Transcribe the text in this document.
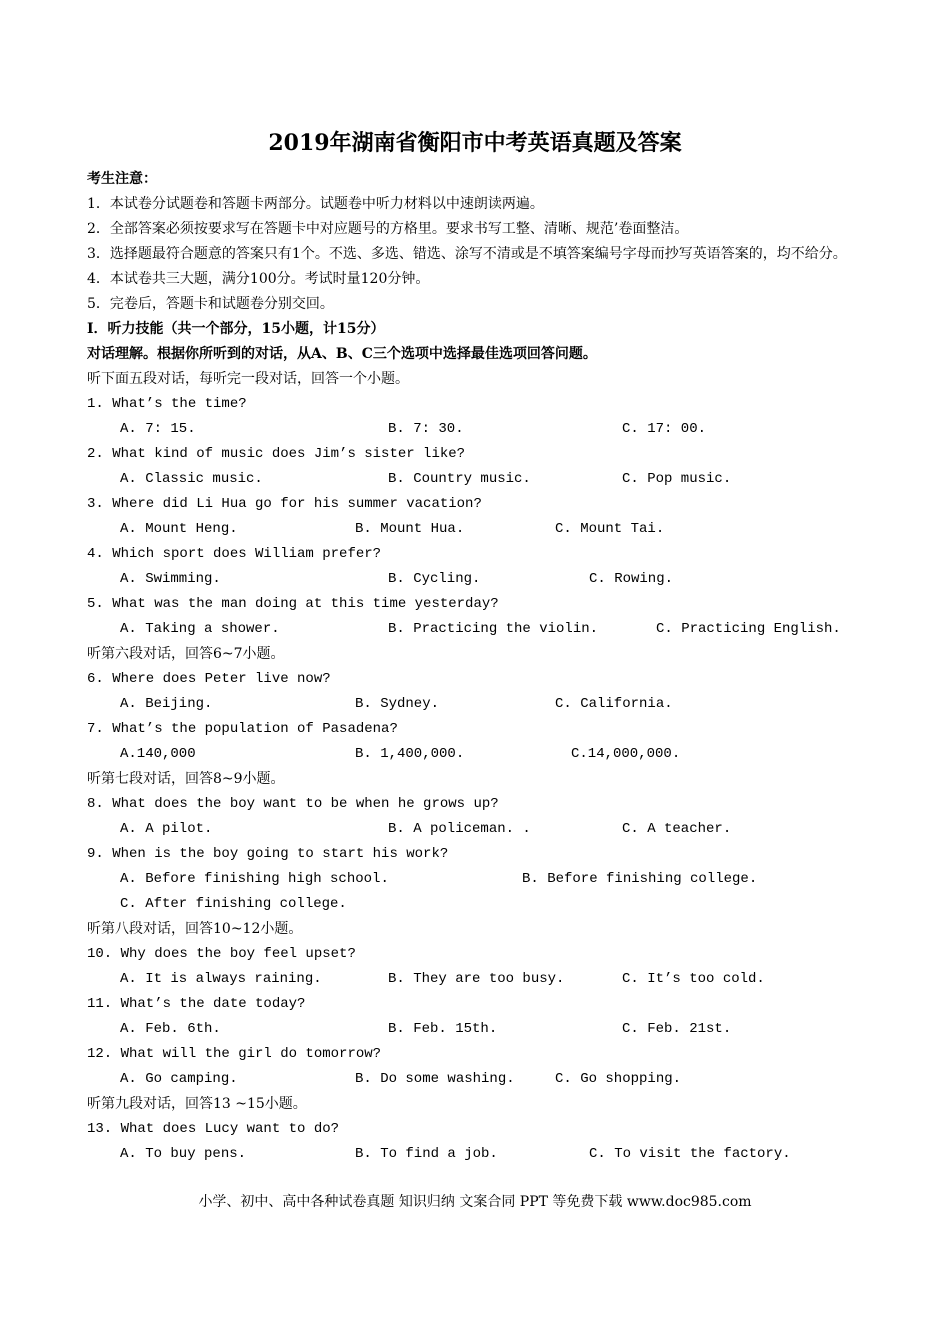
2019年湖南省衡阳市中考英语真题及答案
考生注意：
1．本试卷分试题卷和答题卡两部分。试题卷中听力材料以中速朗读两遍。
2．全部答案必须按要求写在答题卡中对应题号的方格里。要求书写工整、清晰、规范’卷面整洁。
3．选择题最符合题意的答案只有1个。不选、多选、错选、涂写不清或是不填答案编号字母而抄写英语答案的，均不给分。
4．本试卷共三大题，满分100分。考试时量120分钟。
5．完卷后，答题卡和试题卷分别交回。
I．听力技能（共一个部分，15小题，计15分）
对话理解。根据你所听到的对话，从A、B、C三个选项中选择最佳选项回答问题。
听下面五段对话，每听完一段对话，回答一个小题。
1. What’s the time?
A. 7: 15.	B. 7: 30.	C. 17: 00.
2. What kind of music does Jim’s sister like?
A. Classic music.	B. Country music.	C. Pop music.
3. Where did Li Hua go for his summer vacation?
A. Mount Heng.	B. Mount Hua.	C. Mount Tai.
4. Which sport does William prefer?
A. Swimming.	B. Cycling.	C. Rowing.
5. What was the man doing at this time yesterday?
A. Taking a shower.	B. Practicing the violin.	C. Practicing English.
听第六段对话，回答6~7小题。
6. Where does Peter live now?
A. Beijing.	B. Sydney.	C. California.
7. What’s the population of Pasadena?
A.140,000	B. 1,400,000.	C.14,000,000.
听第七段对话，回答8~9小题。
8. What does the boy want to be when he grows up?
A. A pilot.	B. A policeman. .	C. A teacher.
9. When is the boy going to start his work?
A. Before finishing high school.	B. Before finishing college.
C. After finishing college.
听第八段对话，回答10~12小题。
10. Why does the boy feel upset?
A. It is always raining.	B. They are too busy.	C. It’s too cold.
11. What’s the date today?
A. Feb. 6th.	B. Feb. 15th.	C. Feb. 21st.
12. What will the girl do tomorrow?
A. Go camping.	B. Do some washing.	C. Go shopping.
听第九段对话，回答13 ~15小题。
13. What does Lucy want to do?
A. To buy pens.	B. To find a job.	C. To visit the factory.
小学、初中、高中各种试卷真题 知识归纳 文案合同 PPT 等免费下载 www.doc985.com
